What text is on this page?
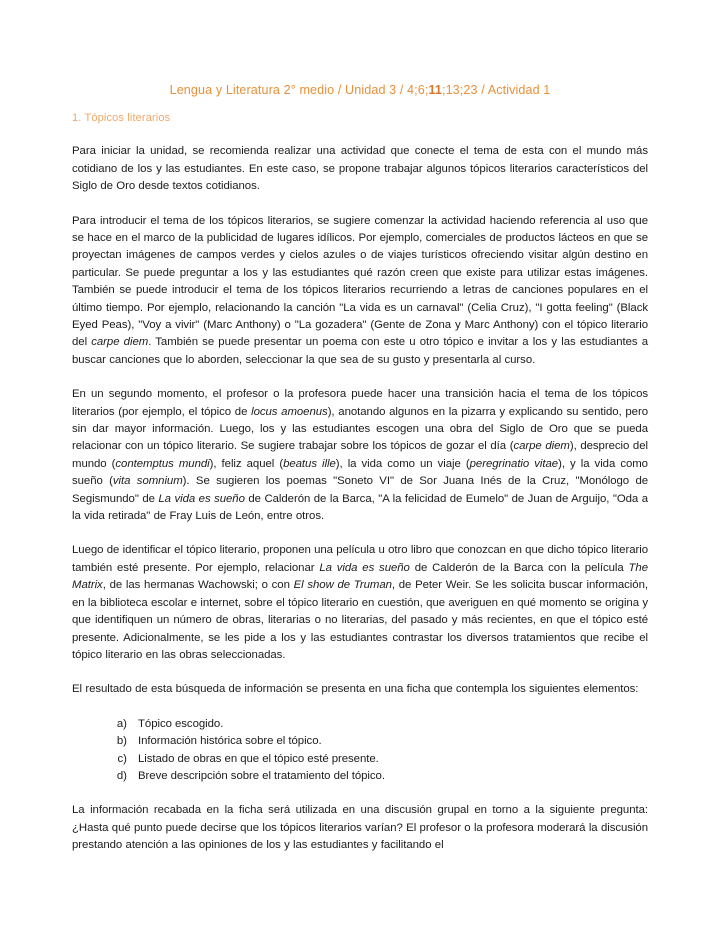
Lengua y Literatura 2° medio / Unidad 3 / 4;6;11;13;23 / Actividad 1
1. Tópicos literarios

Para iniciar la unidad, se recomienda realizar una actividad que conecte el tema de esta con el mundo más cotidiano de los y las estudiantes. En este caso, se propone trabajar algunos tópicos literarios característicos del Siglo de Oro desde textos cotidianos.

Para introducir el tema de los tópicos literarios, se sugiere comenzar la actividad haciendo referencia al uso que se hace en el marco de la publicidad de lugares idílicos. Por ejemplo, comerciales de productos lácteos en que se proyectan imágenes de campos verdes y cielos azules o de viajes turísticos ofreciendo visitar algún destino en particular. Se puede preguntar a los y las estudiantes qué razón creen que existe para utilizar estas imágenes. También se puede introducir el tema de los tópicos literarios recurriendo a letras de canciones populares en el último tiempo. Por ejemplo, relacionando la canción "La vida es un carnaval" (Celia Cruz), "I gotta feeling" (Black Eyed Peas), "Voy a vivir" (Marc Anthony) o "La gozadera" (Gente de Zona y Marc Anthony) con el tópico literario del carpe diem. También se puede presentar un poema con este u otro tópico e invitar a los y las estudiantes a buscar canciones que lo aborden, seleccionar la que sea de su gusto y presentarla al curso.

En un segundo momento, el profesor o la profesora puede hacer una transición hacia el tema de los tópicos literarios (por ejemplo, el tópico de locus amoenus), anotando algunos en la pizarra y explicando su sentido, pero sin dar mayor información. Luego, los y las estudiantes escogen una obra del Siglo de Oro que se pueda relacionar con un tópico literario. Se sugiere trabajar sobre los tópicos de gozar el día (carpe diem), desprecio del mundo (contemptus mundi), feliz aquel (beatus ille), la vida como un viaje (peregrinatio vitae), y la vida como sueño (vita somnium). Se sugieren los poemas "Soneto VI" de Sor Juana Inés de la Cruz, "Monólogo de Segismundo" de La vida es sueño de Calderón de la Barca, "A la felicidad de Eumelo" de Juan de Arguijo, "Oda a la vida retirada" de Fray Luis de León, entre otros.

Luego de identificar el tópico literario, proponen una película u otro libro que conozcan en que dicho tópico literario también esté presente. Por ejemplo, relacionar La vida es sueño de Calderón de la Barca con la película The Matrix, de las hermanas Wachowski; o con El show de Truman, de Peter Weir. Se les solicita buscar información, en la biblioteca escolar e internet, sobre el tópico literario en cuestión, que averiguen en qué momento se origina y que identifiquen un número de obras, literarias o no literarias, del pasado y más recientes, en que el tópico esté presente. Adicionalmente, se les pide a los y las estudiantes contrastar los diversos tratamientos que recibe el tópico literario en las obras seleccionadas.

El resultado de esta búsqueda de información se presenta en una ficha que contempla los siguientes elementos:

a. Tópico escogido.
b. Información histórica sobre el tópico.
c. Listado de obras en que el tópico esté presente.
d. Breve descripción sobre el tratamiento del tópico.

La información recabada en la ficha será utilizada en una discusión grupal en torno a la siguiente pregunta: ¿Hasta qué punto puede decirse que los tópicos literarios varían? El profesor o la profesora moderará la discusión prestando atención a las opiniones de los y las estudiantes y facilitando el
